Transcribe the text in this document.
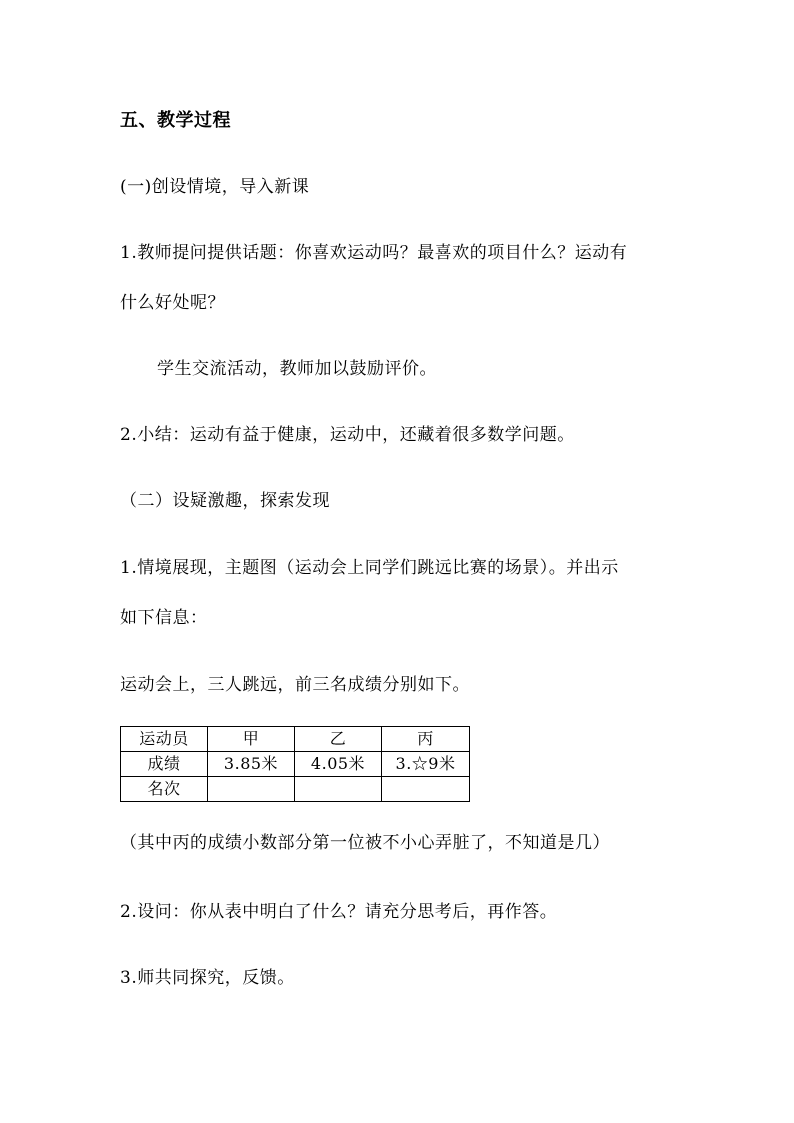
五、教学过程
(一)创设情境，导入新课
1.教师提问提供话题：你喜欢运动吗？最喜欢的项目什么？运动有
什么好处呢？
学生交流活动，教师加以鼓励评价。
2.小结：运动有益于健康，运动中，还藏着很多数学问题。
（二）设疑激趣，探索发现
1.情境展现，主题图（运动会上同学们跳远比赛的场景）。并出示
如下信息：
运动会上，三人跳远，前三名成绩分别如下。
运动员	甲	乙	丙
成绩	3.85米	4.05米	3.☆9米
名次			
（其中丙的成绩小数部分第一位被不小心弄脏了，不知道是几）
2.设问：你从表中明白了什么？请充分思考后，再作答。
3.师共同探究，反馈。
